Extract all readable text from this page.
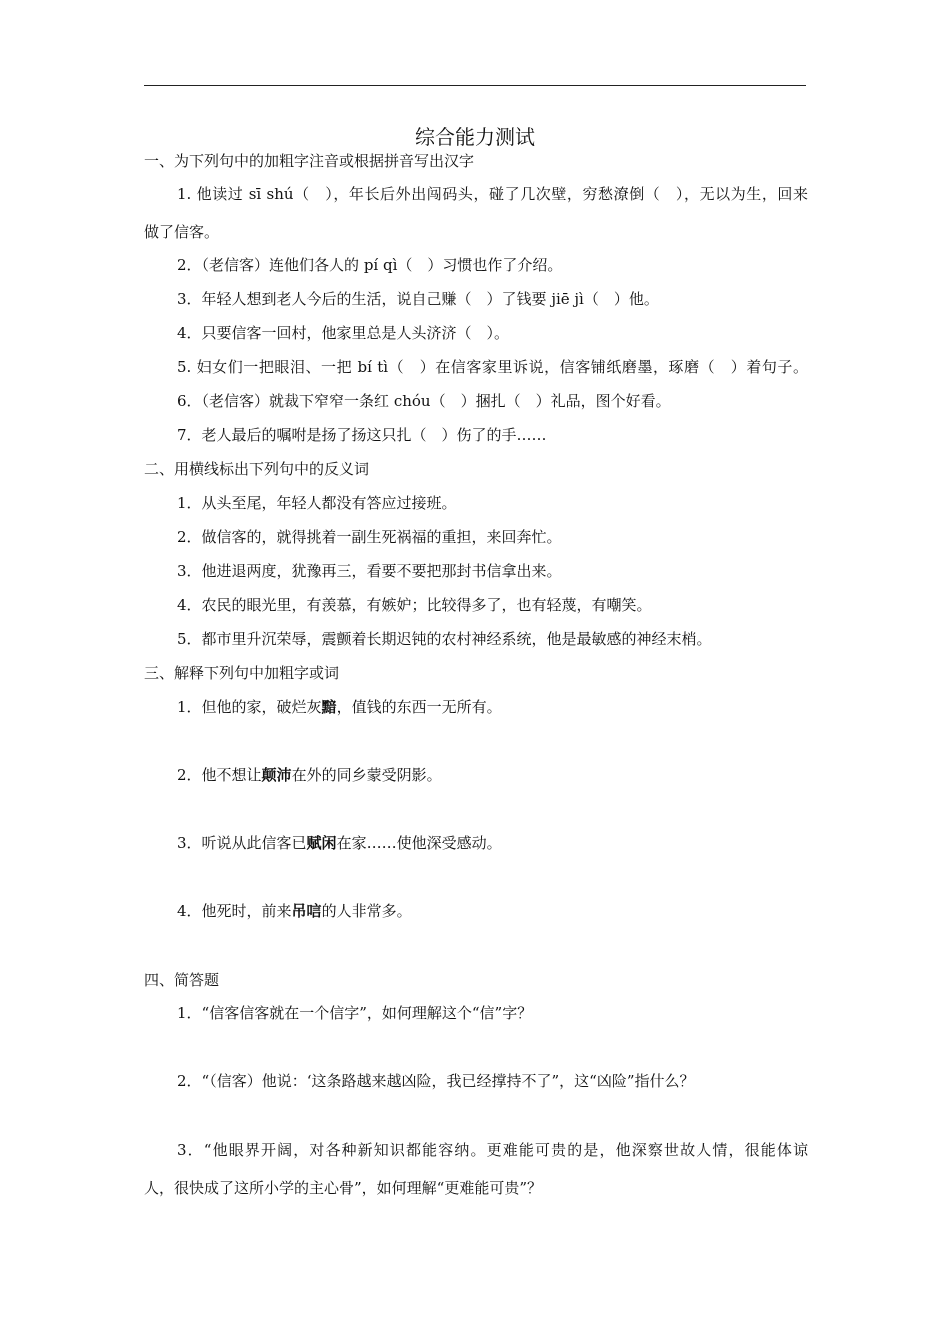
综合能力测试
一、为下列句中的加粗字注音或根据拼音写出汉字
1. 他读过 sī shú（　），年长后外出闯码头，碰了几次壁，穷愁潦倒（　），无以为生，回来
做了信客。
2．（老信客）连他们各人的 pí qì（　）习惯也作了介绍。
3．年轻人想到老人今后的生活，说自己赚（　）了钱要 jiē jì（　）他。
4．只要信客一回村，他家里总是人头济济（　）。
5. 妇女们一把眼泪、一把 bí tì（　）在信客家里诉说，信客铺纸磨墨，琢磨（　）着句子。
6．（老信客）就裁下窄窄一条红 chóu（　）捆扎（　）礼品，图个好看。
7．老人最后的嘱咐是扬了扬这只扎（　）伤了的手……
二、用横线标出下列句中的反义词
1．从头至尾，年轻人都没有答应过接班。
2．做信客的，就得挑着一副生死祸福的重担，来回奔忙。
3．他进退两度，犹豫再三，看要不要把那封书信拿出来。
4．农民的眼光里，有羡慕，有嫉妒；比较得多了，也有轻蔑，有嘲笑。
5．都市里升沉荣辱，震颤着长期迟钝的农村神经系统，他是最敏感的神经末梢。
三、解释下列句中加粗字或词
1．但他的家，破烂灰黯，值钱的东西一无所有。
2．他不想让颠沛在外的同乡蒙受阴影。
3．听说从此信客已赋闲在家……使他深受感动。
4．他死时，前来吊唁的人非常多。
四、简答题
1．“信客信客就在一个信字”，如何理解这个“信”字？
2．“（信客）他说：‘这条路越来越凶险，我已经撑持不了”，这“凶险”指什么？
3．“他眼界开阔，对各种新知识都能容纳。更难能可贵的是，他深察世故人情，很能体谅
人，很快成了这所小学的主心骨”，如何理解“更难能可贵”？
